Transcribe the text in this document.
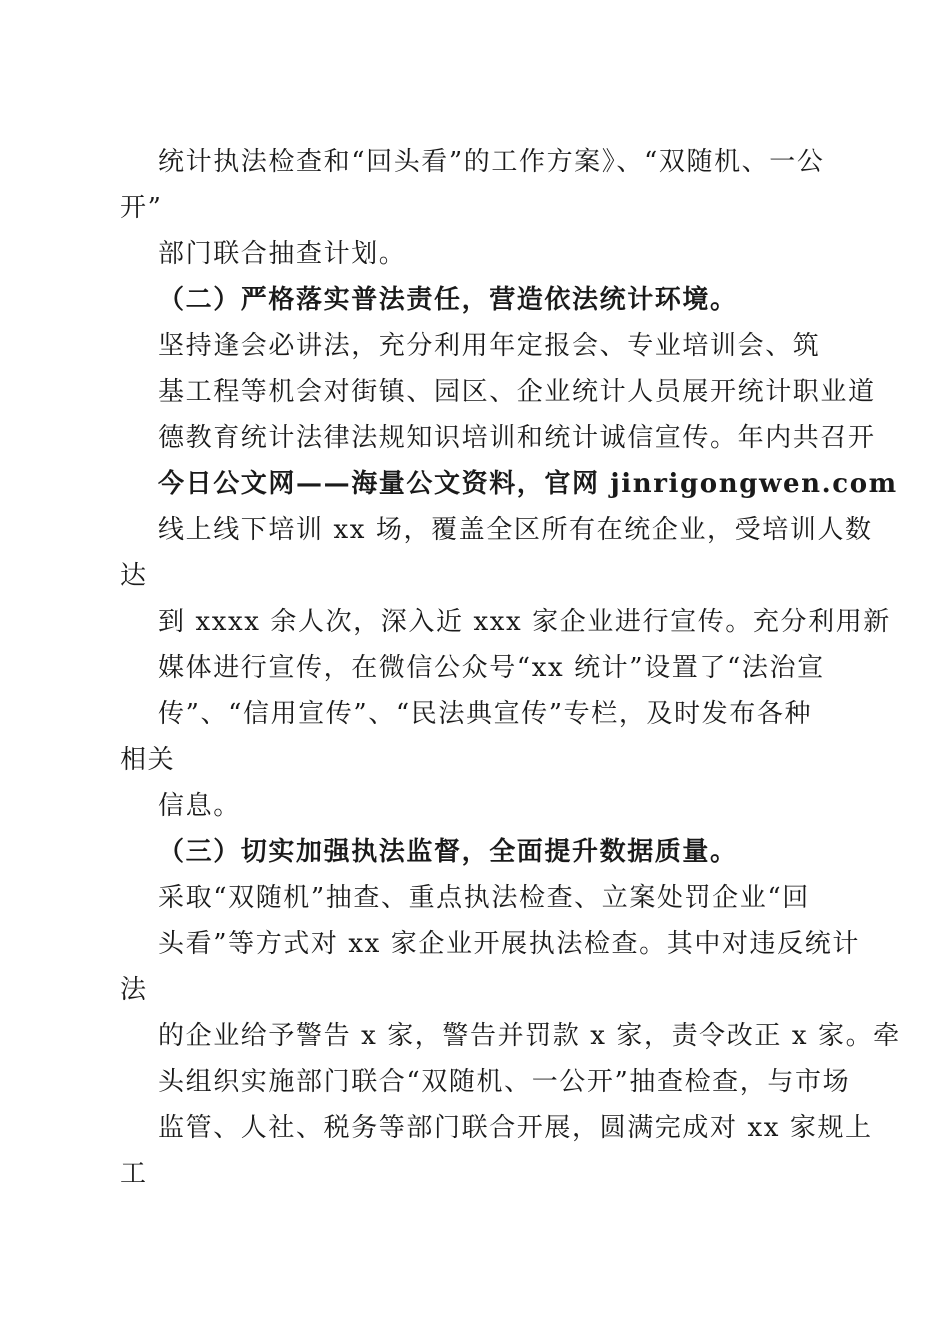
统计执法检查和“回头看”的工作方案》、“双随机、一公
开”
部门联合抽查计划。
（二）严格落实普法责任，营造依法统计环境。
坚持逢会必讲法，充分利用年定报会、专业培训会、筑
基工程等机会对街镇、园区、企业统计人员展开统计职业道
德教育统计法律法规知识培训和统计诚信宣传。年内共召开
今日公文网——海量公文资料，官网 jinrigongwen.com
线上线下培训 xx 场，覆盖全区所有在统企业，受培训人数
达
到 xxxx 余人次，深入近 xxx 家企业进行宣传。充分利用新
媒体进行宣传，在微信公众号“xx 统计”设置了“法治宣
传”、“信用宣传”、“民法典宣传”专栏，及时发布各种
相关
信息。
（三）切实加强执法监督，全面提升数据质量。
采取“双随机”抽查、重点执法检查、立案处罚企业“回
头看”等方式对 xx 家企业开展执法检查。其中对违反统计
法
的企业给予警告 x 家，警告并罚款 x 家，责令改正 x 家。牵
头组织实施部门联合“双随机、一公开”抽查检查，与市场
监管、人社、税务等部门联合开展，圆满完成对 xx 家规上
工
